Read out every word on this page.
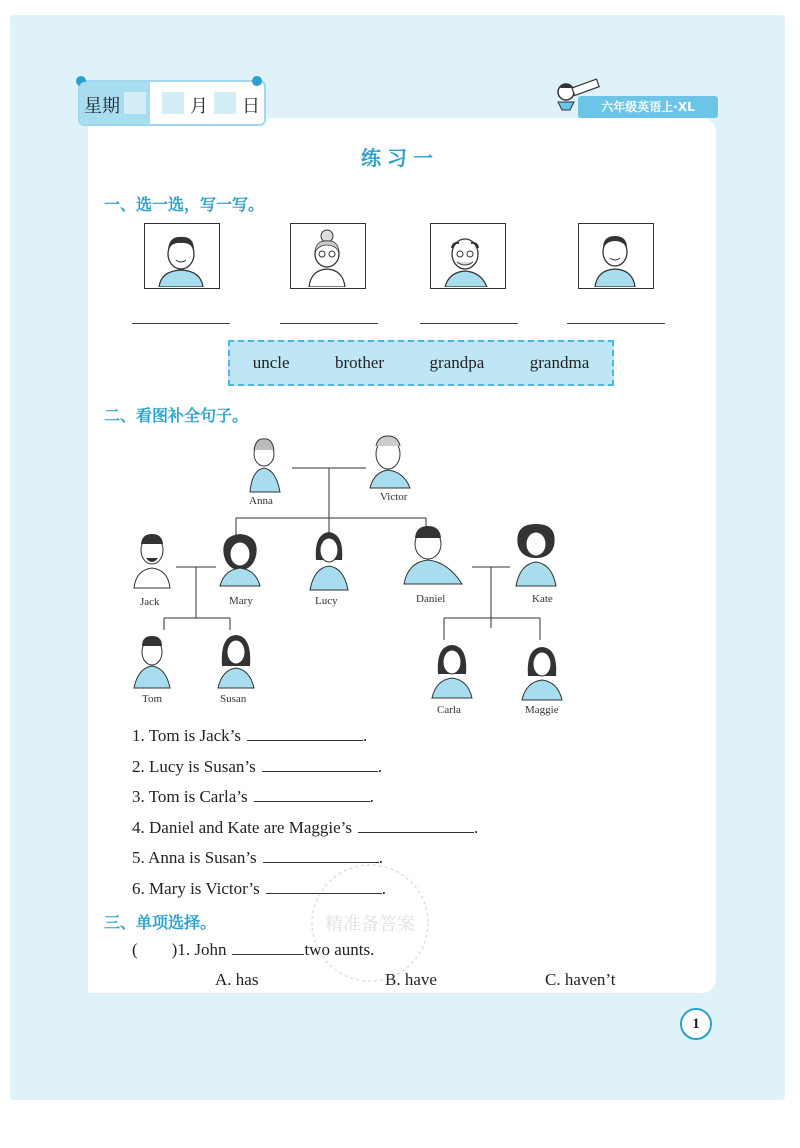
星期	月 日	六年级英语上·XL
练习一
一、选一选，写一写。
uncle	brother	grandpa	grandma
二、看图补全句子。
Anna	Victor
Jack	Mary	Lucy	Daniel	Kate
Tom	Susan
Carla	Maggie
1. Tom is Jack’s	.
2. Lucy is Susan’s	.
3. Tom is Carla’s	.
4. Daniel and Kate are Maggie’s	.
5. Anna is Susan’s	.
6. Mary is Victor’s	.
三、单项选择。
(        )1. John	two aunts.
A. has	B. have	C. haven’t
精准备答案
1
